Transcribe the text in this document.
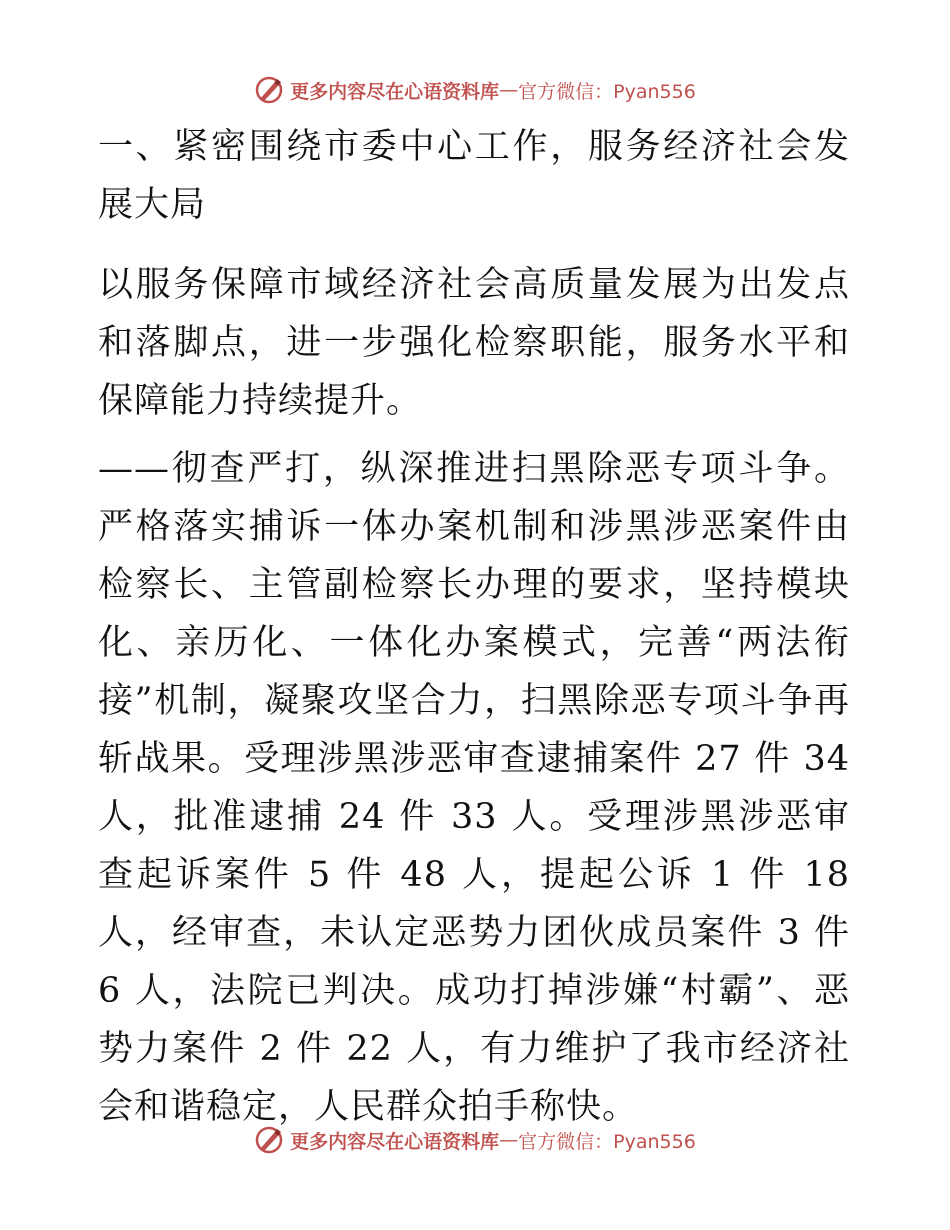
更多内容尽在心语资料库 — 官方微信：Pyan556

一、紧密围绕市委中心工作，服务经济社会发展大局

以服务保障市域经济社会高质量发展为出发点和落脚点，进一步强化检察职能，服务水平和保障能力持续提升。

——彻查严打，纵深推进扫黑除恶专项斗争。严格落实捕诉一体办案机制和涉黑涉恶案件由检察长、主管副检察长办理的要求，坚持模块化、亲历化、一体化办案模式，完善“两法衔接”机制，凝聚攻坚合力，扫黑除恶专项斗争再斩战果。受理涉黑涉恶审查逮捕案件 27 件 34 人，批准逮捕 24 件 33 人。受理涉黑涉恶审查起诉案件 5 件 48 人，提起公诉 1 件 18 人，经审查，未认定恶势力团伙成员案件 3 件 6 人，法院已判决。成功打掉涉嫌“村霸”、恶势力案件 2 件 22 人，有力维护了我市经济社会和谐稳定，人民群众拍手称快。

更多内容尽在心语资料库 — 官方微信：Pyan556
